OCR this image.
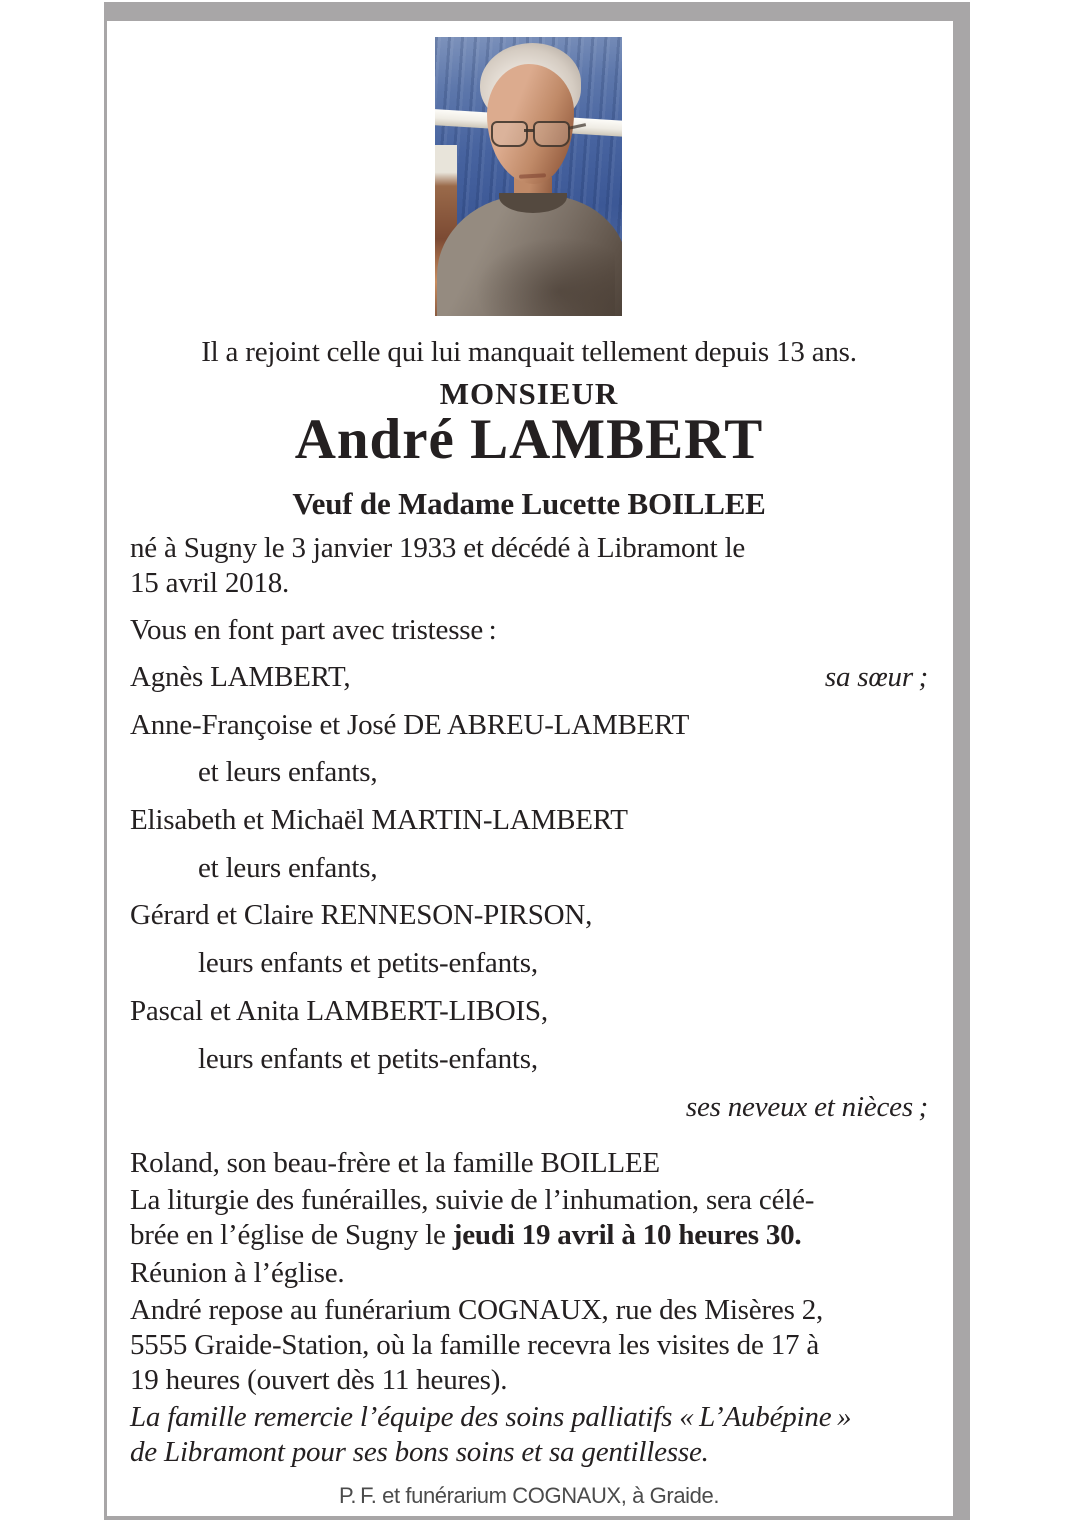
Il a rejoint celle qui lui manquait tellement depuis 13 ans.
MONSIEUR
André LAMBERT
Veuf de Madame Lucette BOILLEE
né à Sugny le 3 janvier 1933 et décédé à Libramont le
15 avril 2018.
Vous en font part avec tristesse :
Agnès LAMBERT,	sa sœur ;
Anne-Françoise et José DE ABREU-LAMBERT
et leurs enfants,
Elisabeth et Michaël MARTIN-LAMBERT
et leurs enfants,
Gérard et Claire RENNESON-PIRSON,
leurs enfants et petits-enfants,
Pascal et Anita LAMBERT-LIBOIS,
leurs enfants et petits-enfants,
ses neveux et nièces ;
Roland, son beau-frère et la famille BOILLEE
La liturgie des funérailles, suivie de l’inhumation, sera célé-
brée en l’église de Sugny le jeudi 19 avril à 10 heures 30.
Réunion à l’église.
André repose au funérarium COGNAUX, rue des Misères 2,
5555 Graide-Station, où la famille recevra les visites de 17 à
19 heures (ouvert dès 11 heures).
La famille remercie l’équipe des soins palliatifs « L’Aubépine »
de Libramont pour ses bons soins et sa gentillesse.
P. F. et funérarium COGNAUX, à Graide.
